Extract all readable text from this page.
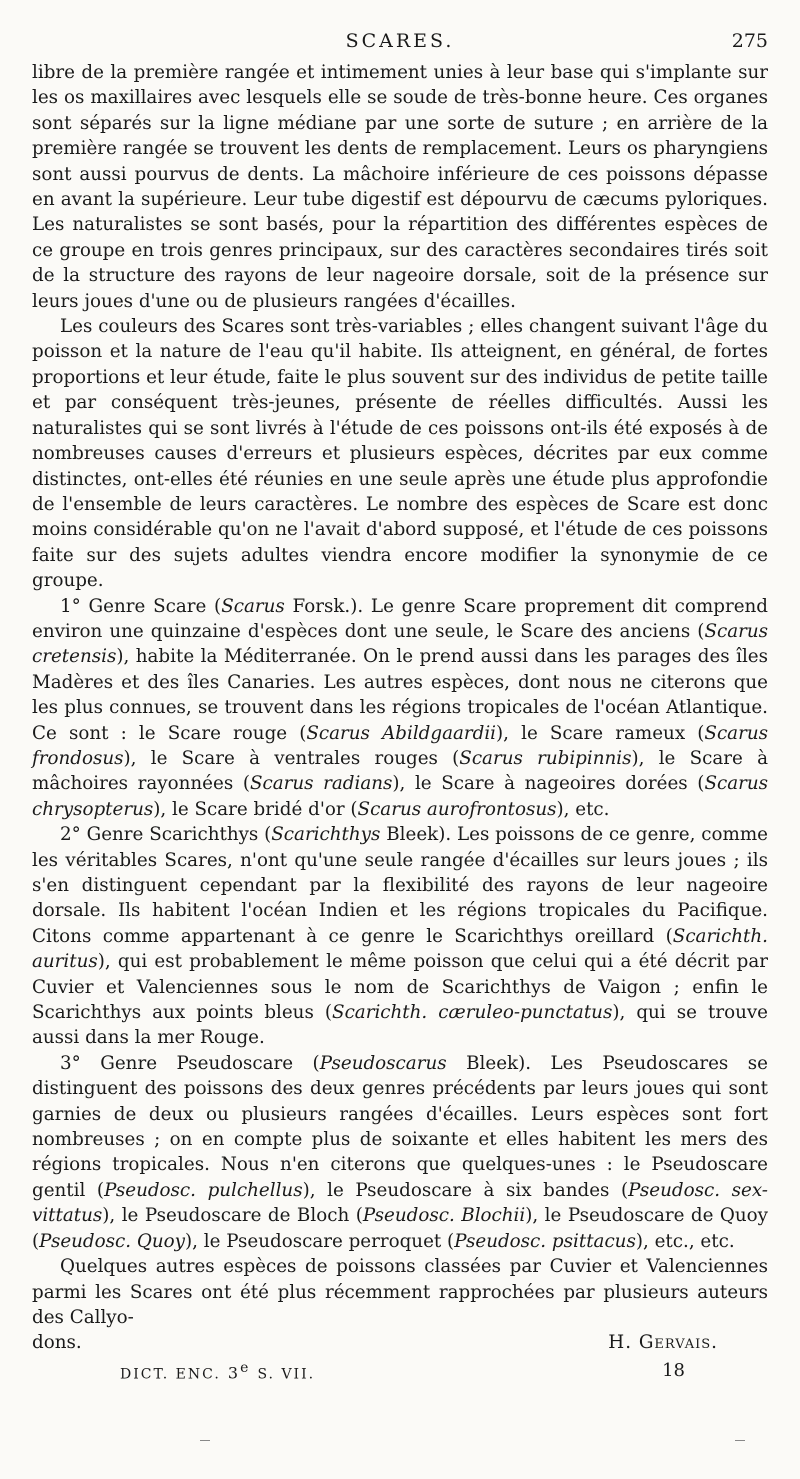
SCARES.	275

libre de la première rangée et intimement unies à leur base qui s'implante sur les os maxillaires avec lesquels elle se soude de très-bonne heure. Ces organes sont séparés sur la ligne médiane par une sorte de suture ; en arrière de la première rangée se trouvent les dents de remplacement. Leurs os pharyngiens sont aussi pourvus de dents. La mâchoire inférieure de ces poissons dépasse en avant la supérieure. Leur tube digestif est dépourvu de cæcums pyloriques. Les naturalistes se sont basés, pour la répartition des différentes espèces de ce groupe en trois genres principaux, sur des caractères secondaires tirés soit de la structure des rayons de leur nageoire dorsale, soit de la présence sur leurs joues d'une ou de plusieurs rangées d'écailles.

Les couleurs des Scares sont très-variables ; elles changent suivant l'âge du poisson et la nature de l'eau qu'il habite. Ils atteignent, en général, de fortes proportions et leur étude, faite le plus souvent sur des individus de petite taille et par conséquent très-jeunes, présente de réelles difficultés. Aussi les naturalistes qui se sont livrés à l'étude de ces poissons ont-ils été exposés à de nombreuses causes d'erreurs et plusieurs espèces, décrites par eux comme distinctes, ont-elles été réunies en une seule après une étude plus approfondie de l'ensemble de leurs caractères. Le nombre des espèces de Scare est donc moins considérable qu'on ne l'avait d'abord supposé, et l'étude de ces poissons faite sur des sujets adultes viendra encore modifier la synonymie de ce groupe.

1° Genre Scare (Scarus Forsk.). Le genre Scare proprement dit comprend environ une quinzaine d'espèces dont une seule, le Scare des anciens (Scarus cretensis), habite la Méditerranée. On le prend aussi dans les parages des îles Madères et des îles Canaries. Les autres espèces, dont nous ne citerons que les plus connues, se trouvent dans les régions tropicales de l'océan Atlantique. Ce sont : le Scare rouge (Scarus Abildgaardii), le Scare rameux (Scarus frondosus), le Scare à ventrales rouges (Scarus rubipinnis), le Scare à mâchoires rayonnées (Scarus radians), le Scare à nageoires dorées (Scarus chrysopterus), le Scare bridé d'or (Scarus aurofrontosus), etc.

2° Genre Scarichthys (Scarichthys Bleek). Les poissons de ce genre, comme les véritables Scares, n'ont qu'une seule rangée d'écailles sur leurs joues ; ils s'en distinguent cependant par la flexibilité des rayons de leur nageoire dorsale. Ils habitent l'océan Indien et les régions tropicales du Pacifique. Citons comme appartenant à ce genre le Scarichthys oreillard (Scarichth. auritus), qui est probablement le même poisson que celui qui a été décrit par Cuvier et Valenciennes sous le nom de Scarichthys de Vaigon ; enfin le Scarichthys aux points bleus (Scarichth. cæruleo-punctatus), qui se trouve aussi dans la mer Rouge.

3° Genre Pseudoscare (Pseudoscarus Bleek). Les Pseudoscares se distinguent des poissons des deux genres précédents par leurs joues qui sont garnies de deux ou plusieurs rangées d'écailles. Leurs espèces sont fort nombreuses ; on en compte plus de soixante et elles habitent les mers des régions tropicales. Nous n'en citerons que quelques-unes : le Pseudoscare gentil (Pseudosc. pulchellus), le Pseudoscare à six bandes (Pseudosc. sex-vittatus), le Pseudoscare de Bloch (Pseudosc. Blochii), le Pseudoscare de Quoy (Pseudosc. Quoy), le Pseudoscare perroquet (Pseudosc. psittacus), etc., etc.

Quelques autres espèces de poissons classées par Cuvier et Valenciennes parmi les Scares ont été plus récemment rapprochées par plusieurs auteurs des Callyo-

dons.	H. Gervais.
DICT. ENC. 3e S. VII.	18
